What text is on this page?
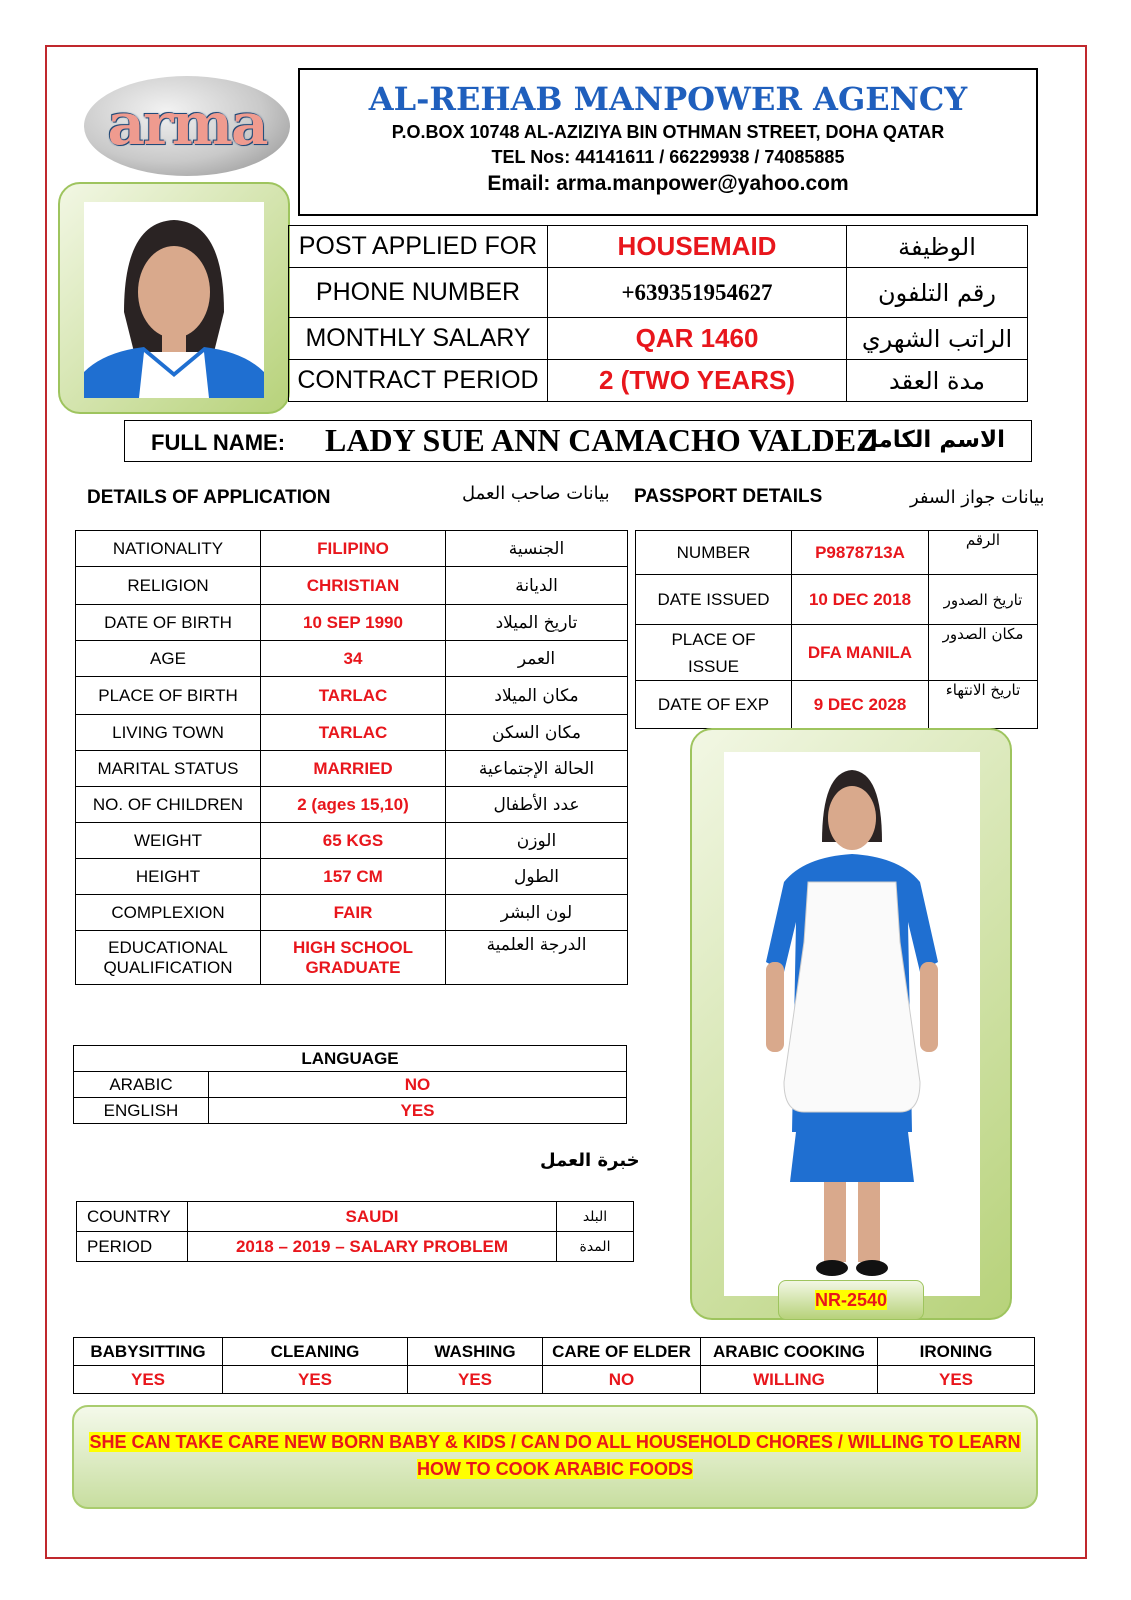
arma	AL-REHAB MANPOWER AGENCY
P.O.BOX 10748 AL-AZIZIYA BIN OTHMAN STREET, DOHA QATAR
TEL Nos: 44141611 / 66229938 / 74085885
Email: arma.manpower@yahoo.com
POST APPLIED FOR	HOUSEMAID	الوظيفة
PHONE NUMBER	+639351954627	رقم التلفون
MONTHLY SALARY	QAR 1460	الراتب الشهري
CONTRACT PERIOD	2 (TWO YEARS)	مدة العقد
FULL NAME: LADY SUE ANN CAMACHO VALDEZ
الاسم الكامل
DETAILS OF APPLICATION	بيانات صاحب العمل PASSPORT DETAILS	بيانات جواز السفر
NATIONALITY	FILIPINO	الجنسية
RELIGION	CHRISTIAN	الديانة
DATE OF BIRTH	10 SEP 1990	تاريخ الميلاد
AGE	34	العمر
PLACE OF BIRTH	TARLAC	مكان الميلاد
LIVING TOWN	TARLAC	مكان السكن
MARITAL STATUS	MARRIED	الحالة الإجتماعية
NO. OF CHILDREN	2 (ages 15,10)	عدد الأطفال
WEIGHT	65 KGS	الوزن
HEIGHT	157 CM	الطول
COMPLEXION	FAIR	لون البشر
EDUCATIONAL QUALIFICATION	HIGH SCHOOL GRADUATE	الدرجة العلمية
NUMBER	P9878713A	الرقم
DATE ISSUED	10 DEC 2018	تاريخ الصدور
PLACE OF ISSUE	DFA MANILA	مكان الصدور
DATE OF EXP	9 DEC 2028	تاريخ الانتهاء
NR-2540
LANGUAGE	
ARABIC	NO
ENGLISH	YES
خبرة العمل
COUNTRY	SAUDI	البلد
PERIOD	2018 – 2019 – SALARY PROBLEM	المدة
BABYSITTING	CLEANING	WASHING	CARE OF ELDER	ARABIC COOKING	IRONING
YES	YES	YES	NO	WILLING	YES
SHE CAN TAKE CARE NEW BORN BABY & KIDS / CAN DO ALL HOUSEHOLD CHORES / WILLING TO LEARN
HOW TO COOK ARABIC FOODS
